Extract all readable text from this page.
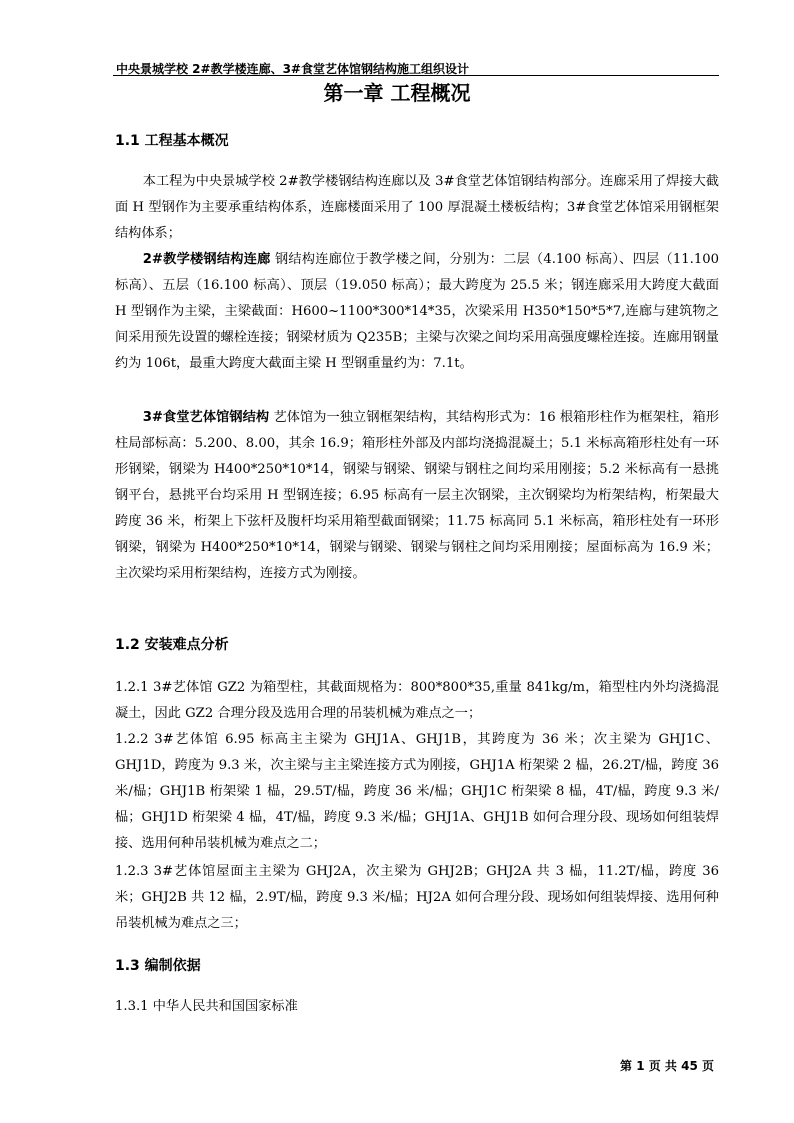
中央景城学校 2#教学楼连廊、3#食堂艺体馆钢结构施工组织设计
第一章 工程概况
1.1 工程基本概况

本工程为中央景城学校 2#教学楼钢结构连廊以及 3#食堂艺体馆钢结构部分。连廊采用了焊接大截面 H 型钢作为主要承重结构体系，连廊楼面采用了 100 厚混凝土楼板结构；3#食堂艺体馆采用钢框架结构体系；

2#教学楼钢结构连廊 钢结构连廊位于教学楼之间，分别为：二层（4.100 标高）、四层（11.100 标高）、五层（16.100 标高）、顶层（19.050 标高）；最大跨度为 25.5 米；钢连廊采用大跨度大截面 H 型钢作为主梁，主梁截面：H600~1100*300*14*35，次梁采用 H350*150*5*7,连廊与建筑物之间采用预先设置的螺栓连接；钢梁材质为 Q235B；主梁与次梁之间均采用高强度螺栓连接。连廊用钢量约为 106t，最重大跨度大截面主梁 H 型钢重量约为：7.1t。

3#食堂艺体馆钢结构 艺体馆为一独立钢框架结构，其结构形式为：16 根箱形柱作为框架柱，箱形柱局部标高：5.200、8.00，其余 16.9；箱形柱外部及内部均浇捣混凝土；5.1 米标高箱形柱处有一环形钢梁，钢梁为 H400*250*10*14，钢梁与钢梁、钢梁与钢柱之间均采用刚接；5.2 米标高有一悬挑钢平台，悬挑平台均采用 H 型钢连接；6.95 标高有一层主次钢梁，主次钢梁均为桁架结构，桁架最大跨度 36 米，桁架上下弦杆及腹杆均采用箱型截面钢梁；11.75 标高同 5.1 米标高，箱形柱处有一环形钢梁，钢梁为 H400*250*10*14，钢梁与钢梁、钢梁与钢柱之间均采用刚接；屋面标高为 16.9 米；主次梁均采用桁架结构，连接方式为刚接。

1.2 安装难点分析

1.2.1 3#艺体馆 GZ2 为箱型柱，其截面规格为：800*800*35,重量 841kg/m，箱型柱内外均浇捣混凝土，因此 GZ2 合理分段及选用合理的吊装机械为难点之一；

1.2.2 3#艺体馆 6.95 标高主主梁为 GHJ1A、GHJ1B，其跨度为 36 米；次主梁为 GHJ1C、GHJ1D，跨度为 9.3 米，次主梁与主主梁连接方式为刚接，GHJ1A 桁架梁 2 榀，26.2T/榀，跨度 36 米/榀；GHJ1B 桁架梁 1 榀，29.5T/榀，跨度 36 米/榀；GHJ1C 桁架梁 8 榀，4T/榀，跨度 9.3 米/榀；GHJ1D 桁架梁 4 榀，4T/榀，跨度 9.3 米/榀；GHJ1A、GHJ1B 如何合理分段、现场如何组装焊接、选用何种吊装机械为难点之二；

1.2.3 3#艺体馆屋面主主梁为 GHJ2A，次主梁为 GHJ2B；GHJ2A 共 3 榀，11.2T/榀，跨度 36 米；GHJ2B 共 12 榀，2.9T/榀，跨度 9.3 米/榀；HJ2A 如何合理分段、现场如何组装焊接、选用何种吊装机械为难点之三；

1.3 编制依据

1.3.1 中华人民共和国国家标准

第 1 页 共 45 页
